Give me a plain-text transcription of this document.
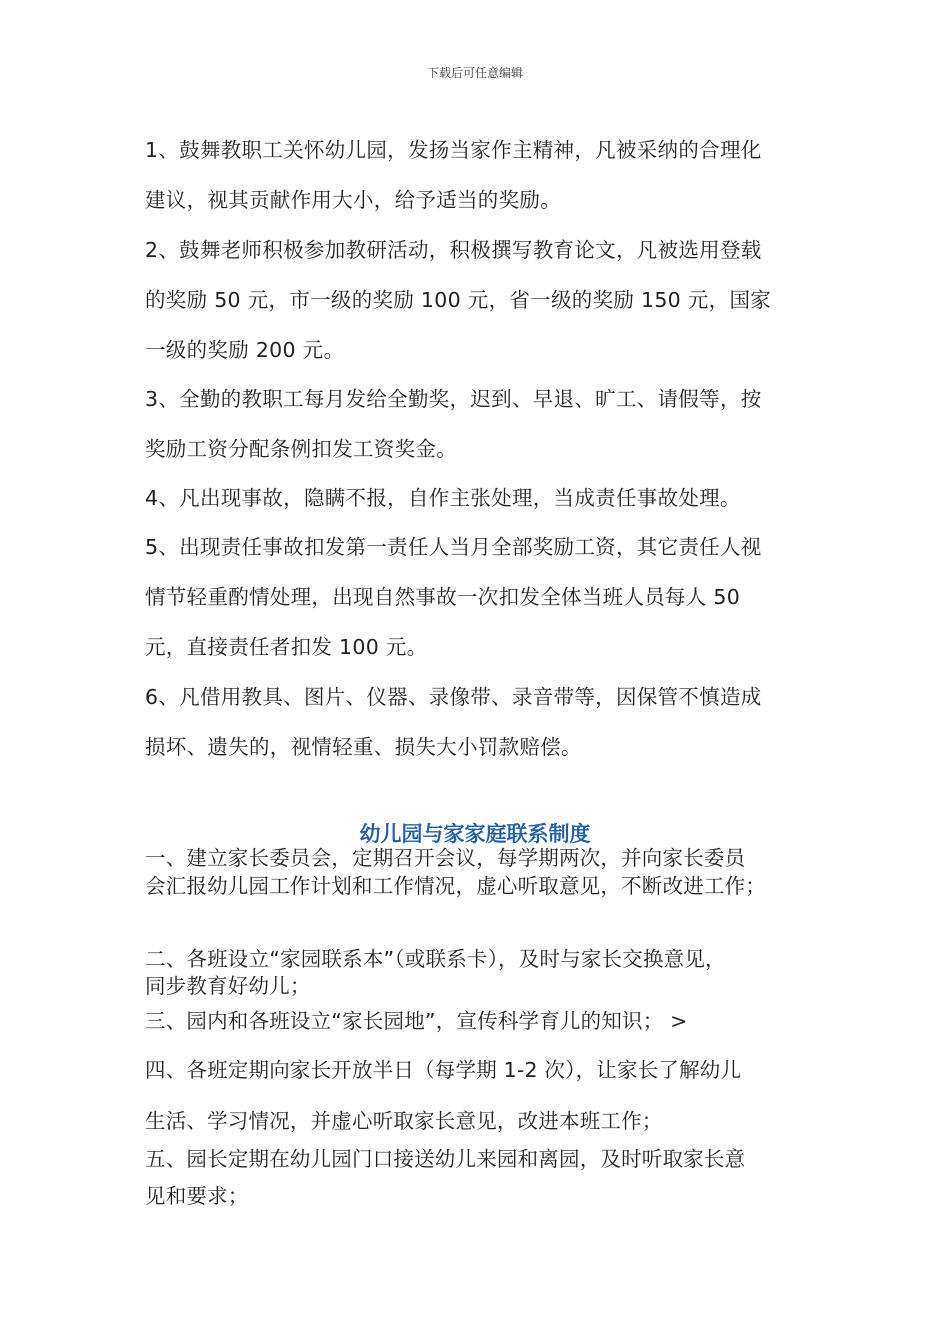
下载后可任意编辑
1、鼓舞教职工关怀幼儿园，发扬当家作主精神，凡被采纳的合理化
建议，视其贡献作用大小，给予适当的奖励。
2、鼓舞老师积极参加教研活动，积极撰写教育论文，凡被选用登载
的奖励 50 元，市一级的奖励 100 元，省一级的奖励 150 元，国家
一级的奖励 200 元。
3、全勤的教职工每月发给全勤奖，迟到、早退、旷工、请假等，按
奖励工资分配条例扣发工资奖金。
4、凡出现事故，隐瞒不报，自作主张处理，当成责任事故处理。
5、出现责任事故扣发第一责任人当月全部奖励工资，其它责任人视
情节轻重酌情处理，出现自然事故一次扣发全体当班人员每人 50
元，直接责任者扣发 100 元。
6、凡借用教具、图片、仪器、录像带、录音带等，因保管不慎造成
损坏、遗失的，视情轻重、损失大小罚款赔偿。
幼儿园与家家庭联系制度
一、建立家长委员会，定期召开会议，每学期两次，并向家长委员
会汇报幼儿园工作计划和工作情况，虚心听取意见，不断改进工作；
二、各班设立“家园联系本”（或联系卡），及时与家长交换意见，
同步教育好幼儿；
三、园内和各班设立“家长园地”，宣传科学育儿的知识； >
四、各班定期向家长开放半日（每学期 1-2 次），让家长了解幼儿
生活、学习情况，并虚心听取家长意见，改进本班工作；
五、园长定期在幼儿园门口接送幼儿来园和离园，及时听取家长意
见和要求；
